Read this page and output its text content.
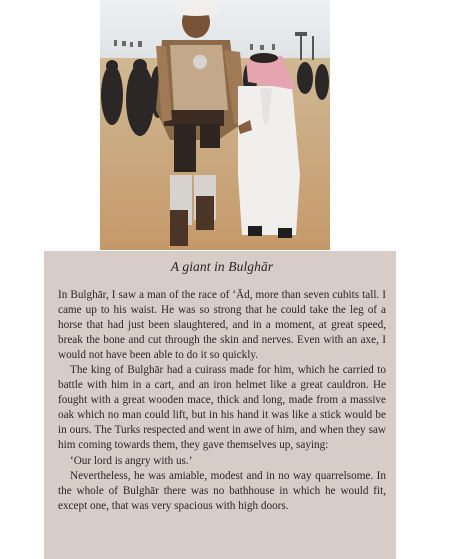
A giant in Bulghār

In Bulghār, I saw a man of the race of ‘Ād, more than seven cubits tall. I came up to his waist. He was so strong that he could take the leg of a horse that had just been slaughtered, and in a moment, at great speed, break the bone and cut through the skin and nerves. Even with an axe, I would not have been able to do it so quickly.

The king of Bulghār had a cuirass made for him, which he carried to battle with him in a cart, and an iron helmet like a great cauldron. He fought with a great wooden mace, thick and long, made from a massive oak which no man could lift, but in his hand it was like a stick would be in ours. The Turks respected and went in awe of him, and when they saw him coming towards them, they gave themselves up, saying:

‘Our lord is angry with us.’

Nevertheless, he was amiable, modest and in no way quarrelsome. In the whole of Bulghār there was no bathhouse in which he would fit, except one, that was very spacious with high doors.
